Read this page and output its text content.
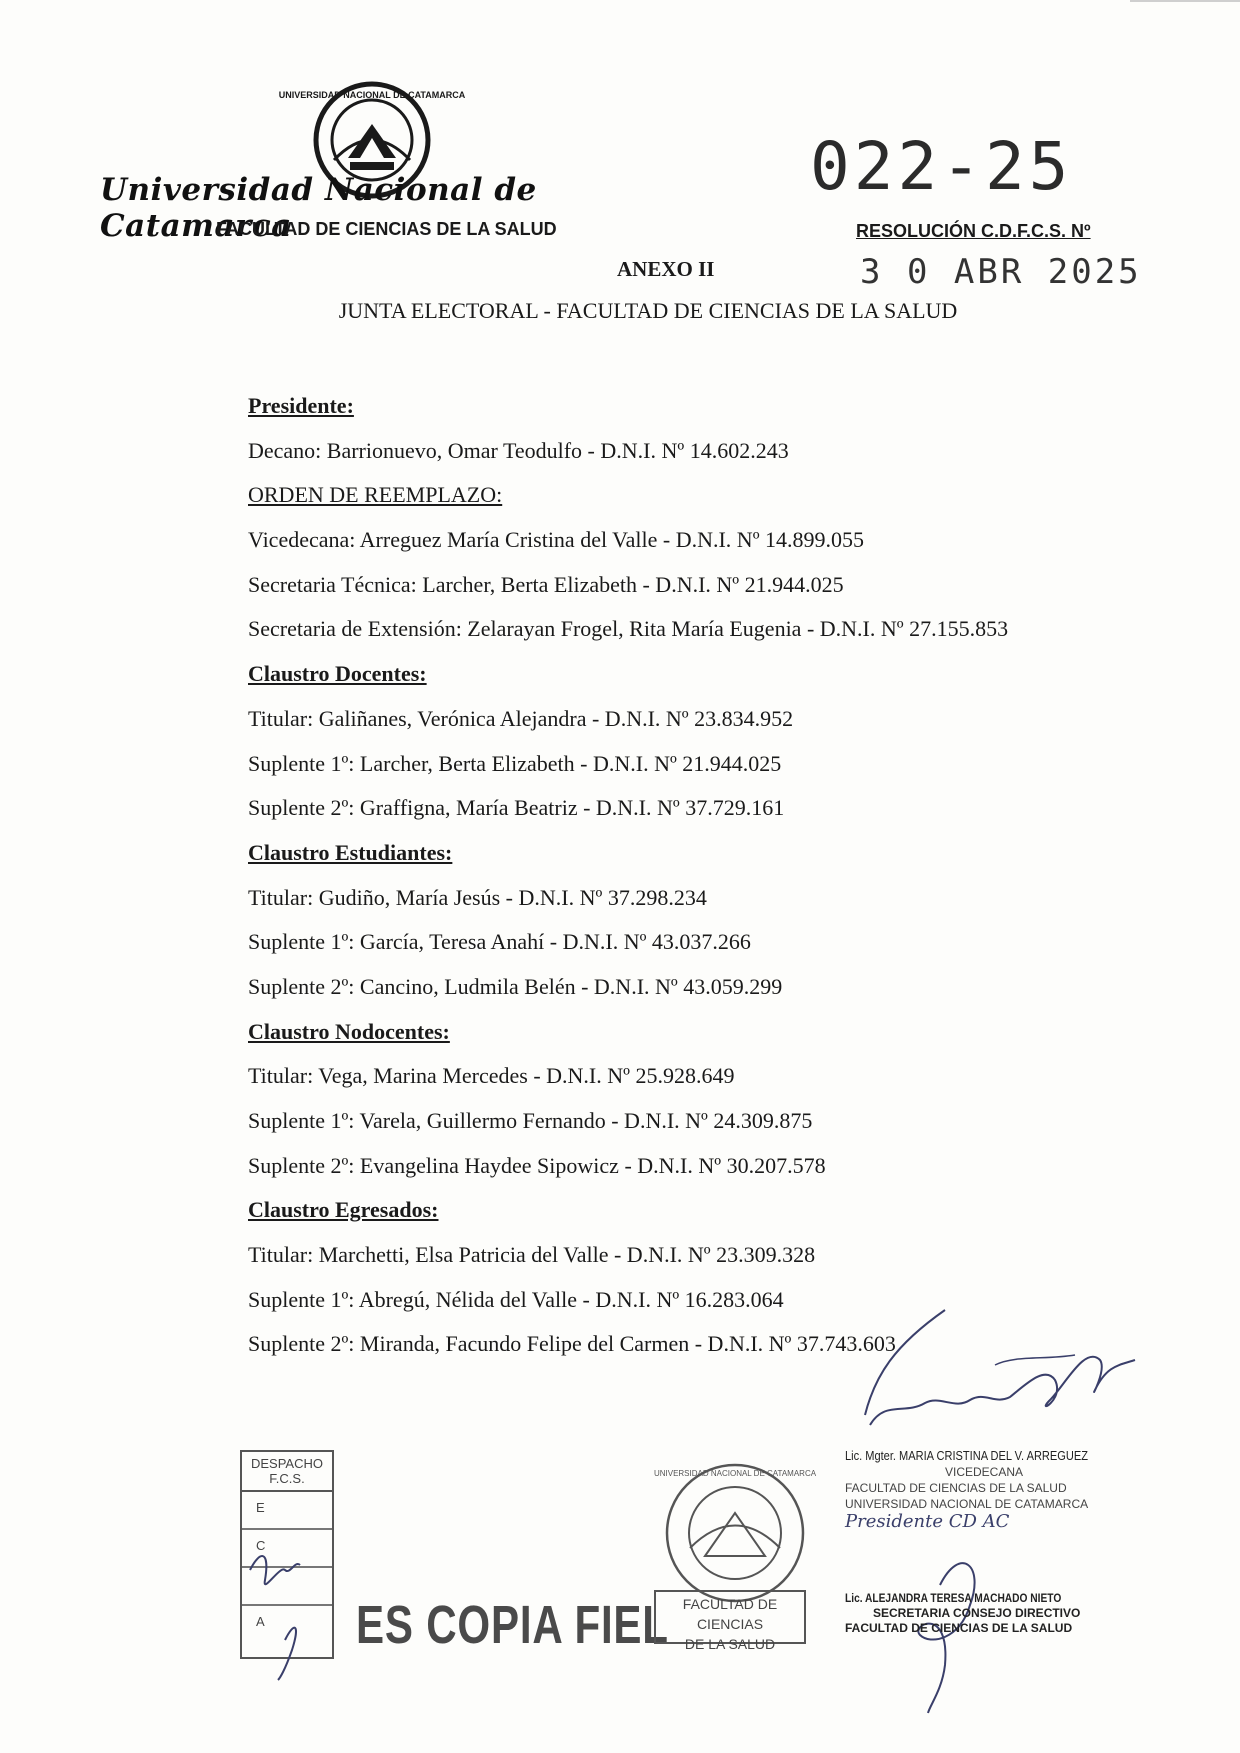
UNIVERSIDAD NACIONAL DE CATAMARCA
Universidad Nacional de Catamarca
FACULTAD DE CIENCIAS DE LA SALUD
022-25
RESOLUCIÓN C.D.F.C.S. Nº
3 0 ABR 2025
ANEXO II
JUNTA ELECTORAL - FACULTAD DE CIENCIAS DE LA SALUD
Presidente:
Decano: Barrionuevo, Omar Teodulfo - D.N.I. Nº 14.602.243
ORDEN DE REEMPLAZO:
Vicedecana: Arreguez María Cristina del Valle - D.N.I. Nº 14.899.055
Secretaria Técnica: Larcher, Berta Elizabeth - D.N.I. Nº 21.944.025
Secretaria de Extensión: Zelarayan Frogel, Rita María Eugenia - D.N.I. Nº 27.155.853
Claustro Docentes:
Titular: Galiñanes, Verónica Alejandra - D.N.I. Nº 23.834.952
Suplente 1º: Larcher, Berta Elizabeth - D.N.I. Nº 21.944.025
Suplente 2º: Graffigna, María Beatriz - D.N.I. Nº 37.729.161
Claustro Estudiantes:
Titular: Gudiño, María Jesús - D.N.I. Nº 37.298.234
Suplente 1º: García, Teresa Anahí - D.N.I. Nº 43.037.266
Suplente 2º: Cancino, Ludmila Belén - D.N.I. Nº 43.059.299
Claustro Nodocentes:
Titular: Vega, Marina Mercedes - D.N.I. Nº 25.928.649
Suplente 1º: Varela, Guillermo Fernando - D.N.I. Nº 24.309.875
Suplente 2º: Evangelina Haydee Sipowicz - D.N.I. Nº 30.207.578
Claustro Egresados:
Titular: Marchetti, Elsa Patricia del Valle - D.N.I. Nº 23.309.328
Suplente 1º: Abregú, Nélida del Valle - D.N.I. Nº 16.283.064
Suplente 2º: Miranda, Facundo Felipe del Carmen - D.N.I. Nº 37.743.603
Lic. Mgter. MARIA CRISTINA DEL V. ARREGUEZ
VICEDECANA
FACULTAD DE CIENCIAS DE LA SALUD
UNIVERSIDAD NACIONAL DE CATAMARCA
Presidente CD AC
Lic. ALEJANDRA TERESA MACHADO NIETO
SECRETARIA CONSEJO DIRECTIVO
FACULTAD DE CIENCIAS DE LA SALUD
DESPACHO
F.C.S.
E
C
A ES COPIA FIEL
UNIVERSIDAD NACIONAL DE CATAMARCA
FACULTAD DE CIENCIAS
DE LA SALUD
